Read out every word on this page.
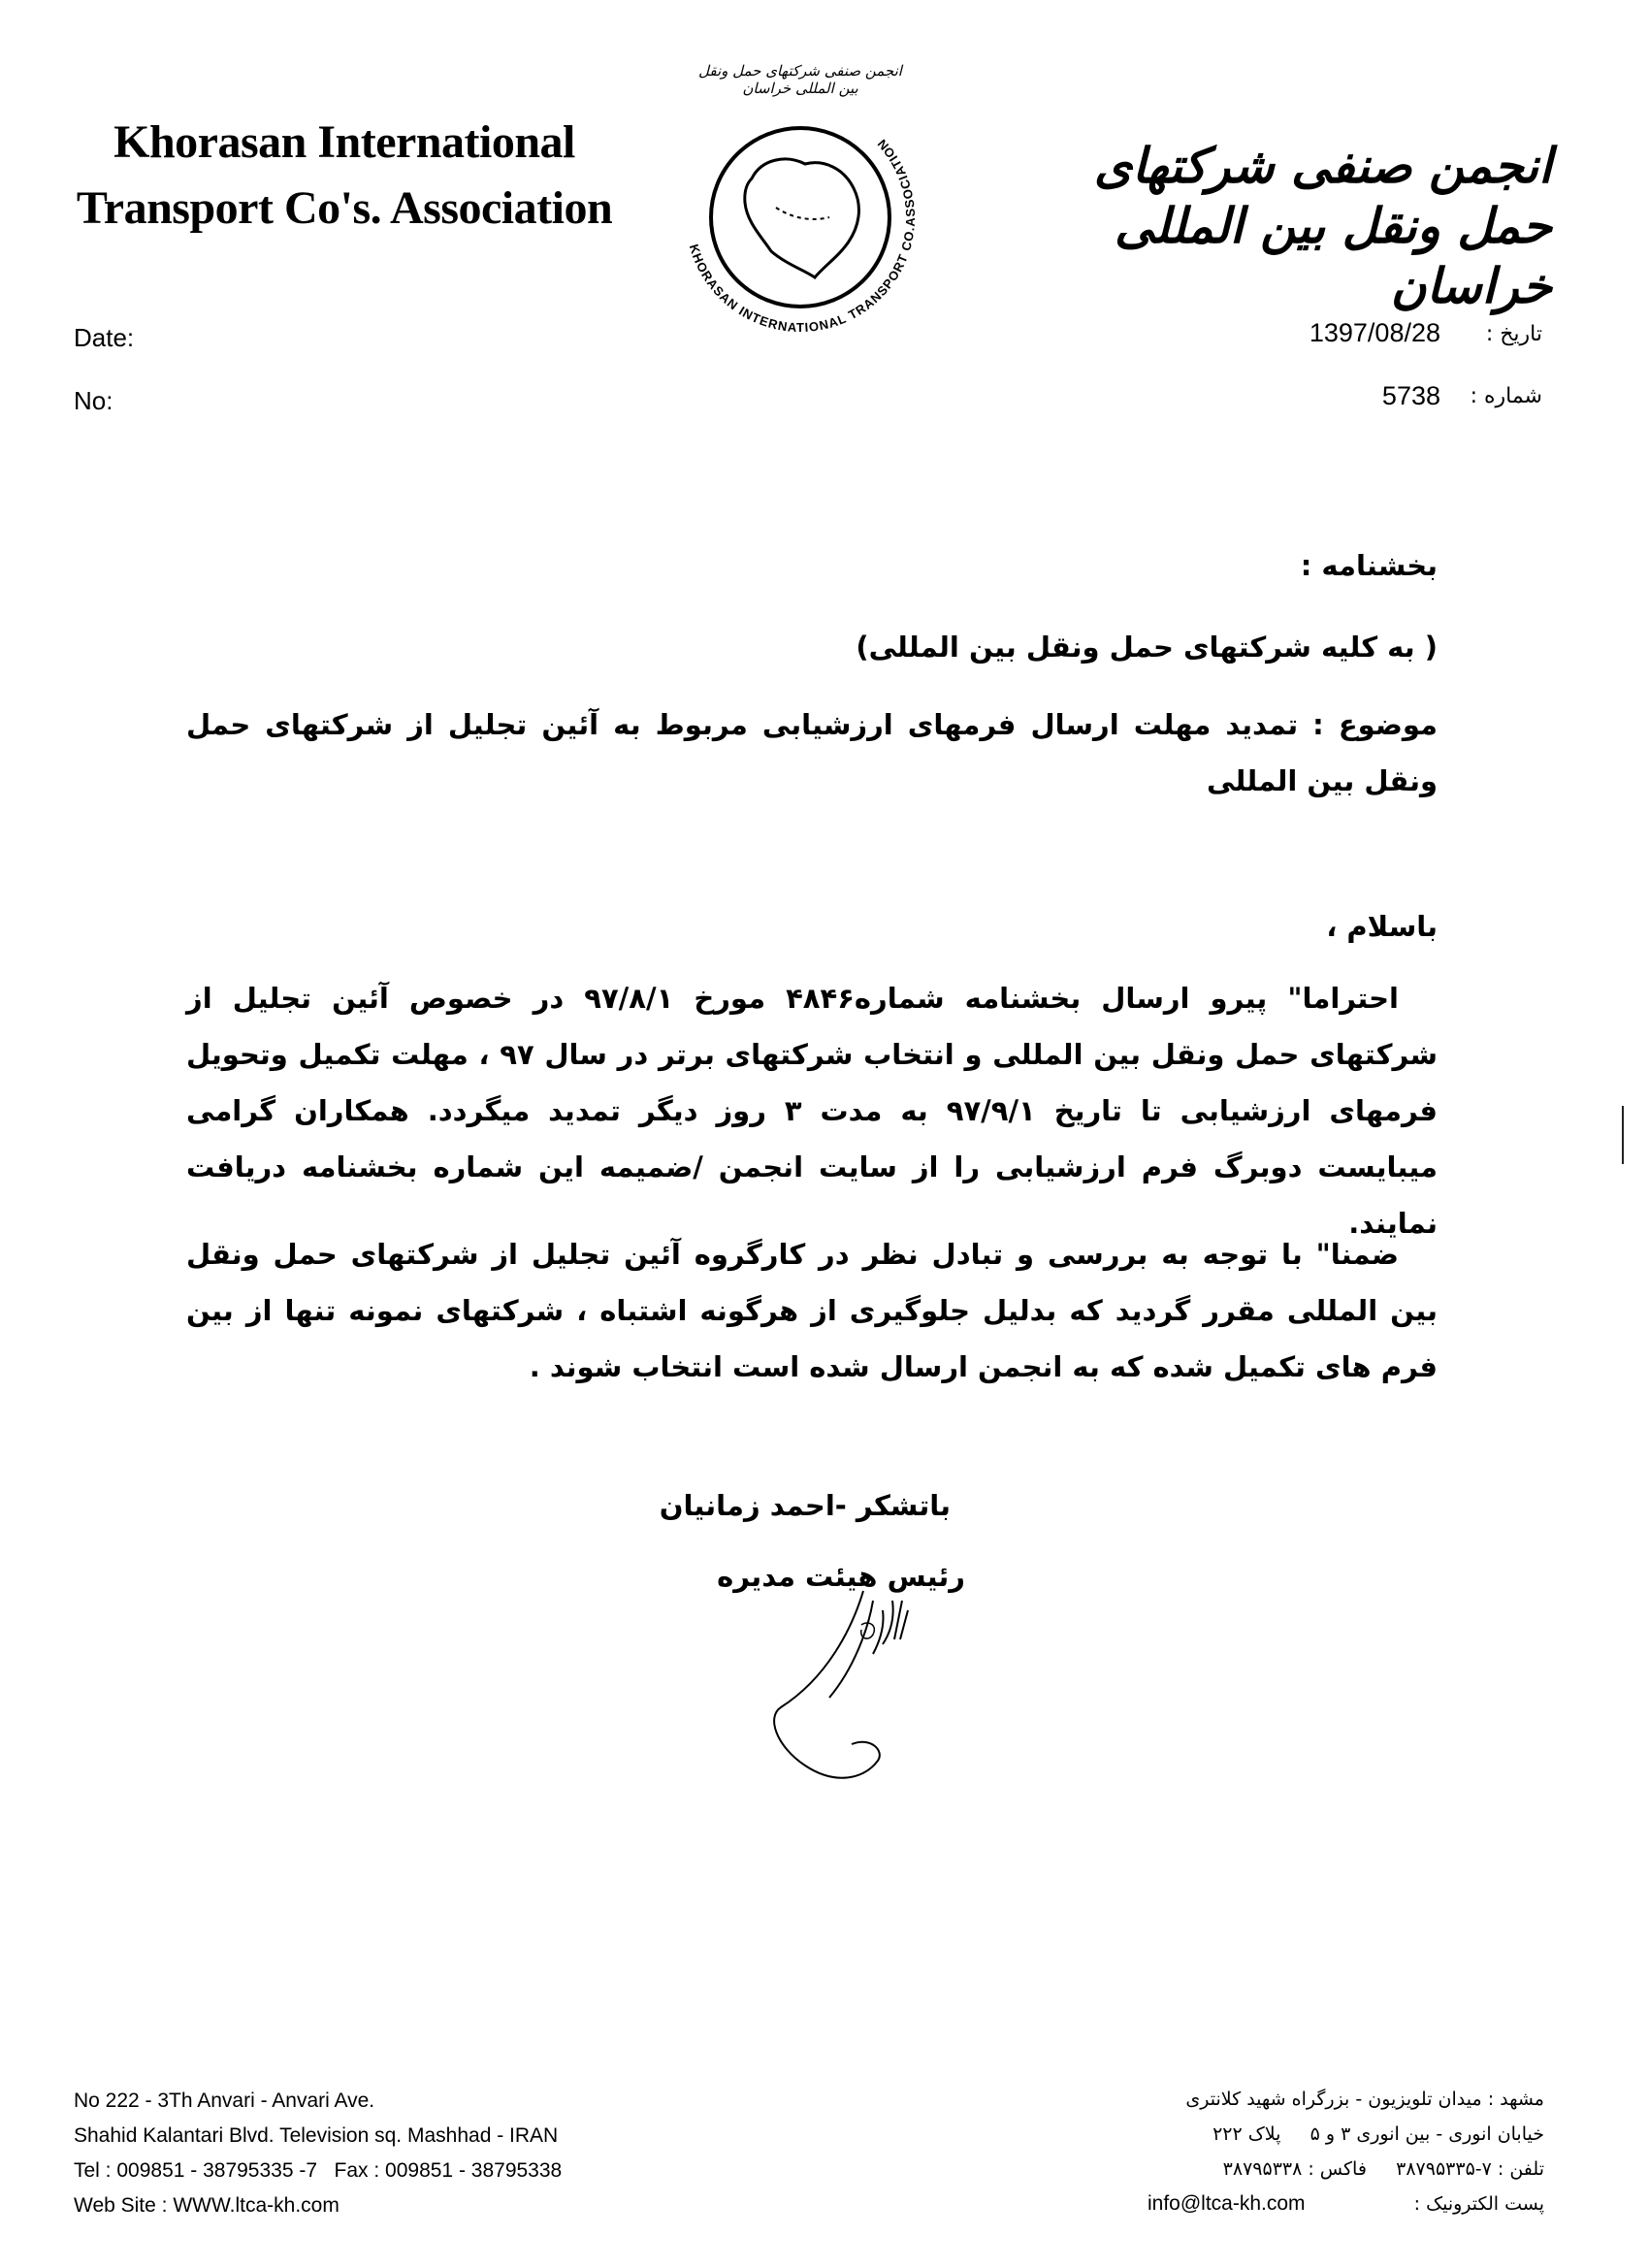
Khorasan International
Transport Co's. Association
انجمن صنفی شرکتهای حمل ونقل بین المللی خراسان
KHORASAN INTERNATIONAL TRANSPORT CO.ASSOCIATION
انجمن صنفی شرکتهای حمل ونقل بین المللی خراسان
Date:
No:
تاریخ :
شماره :
1397/08/28
5738
بخشنامه :
( به کلیه شرکتهای حمل ونقل بین المللی)
موضوع : تمدید مهلت ارسال فرمهای ارزشیابی مربوط به آئین تجلیل از شرکتهای حمل ونقل بین المللی
باسلام ،
احتراما" پیرو ارسال بخشنامه شماره۴۸۴۶ مورخ ۹۷/۸/۱ در خصوص آئین تجلیل از شرکتهای حمل ونقل بین المللی و انتخاب شرکتهای برتر در سال ۹۷ ، مهلت تکمیل وتحویل فرمهای ارزشیابی تا تاریخ ۹۷/۹/۱ به مدت ۳ روز دیگر تمدید میگردد. همکاران گرامی میبایست دوبرگ فرم ارزشیابی را از سایت انجمن /ضمیمه این شماره بخشنامه دریافت نمایند.
ضمنا" با توجه به بررسی و تبادل نظر در کارگروه آئین تجلیل از شرکتهای حمل ونقل بین المللی مقرر گردید که بدلیل جلوگیری از هرگونه اشتباه ، شرکتهای نمونه تنها از بین فرم های تکمیل شده که به انجمن ارسال شده است انتخاب شوند .
باتشکر -احمد زمانیان
رئیس هیئت مدیره
No 222 - 3Th Anvari - Anvari Ave.
Shahid Kalantari Blvd. Television sq. Mashhad - IRAN
Tel : 009851 - 38795335 -7   Fax : 009851 - 38795338
Web Site : WWW.ltca-kh.com
مشهد : میدان تلویزیون - بزرگراه شهید کلانتری
خیابان انوری - بین انوری ۳ و ۵     پلاک ۲۲۲
تلفن : ۷-۳۸۷۹۵۳۳۵     فاکس : ۳۸۷۹۵۳۳۸
پست الکترونیک :  info@ltca-kh.com
